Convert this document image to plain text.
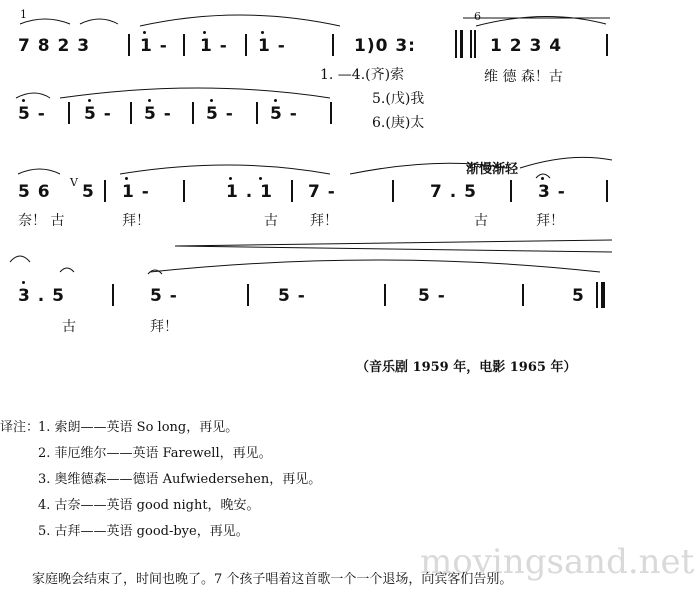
1	6
7 8 2 3	1 - 1 - 1 -	1)0 3:	1 2 3 4
1. —4.(齐)索
5.(戊)我
6.(庚)太
维 德 森！古
5 - 5 - 5 - 5 - 5 -
渐慢渐轻
5 6 V 5 1 -	1 . 1 7 -	7 . 5	3 -
奈！ 古	拜！	古 拜！	古	拜！
3 . 5	5 -	5 -	5 -	5
古	拜！
（音乐剧 1959 年，电影 1965 年）
译注：
1. 索朗——英语 So long，再见。
2. 菲厄维尔——英语 Farewell，再见。
3. 奥维德森——德语 Aufwiedersehen，再见。
4. 古奈——英语 good night，晚安。
5. 古拜——英语 good-bye，再见。
movingsand.net
家庭晚会结束了，时间也晚了。7 个孩子唱着这首歌一个一个退场，向宾客们告别。
